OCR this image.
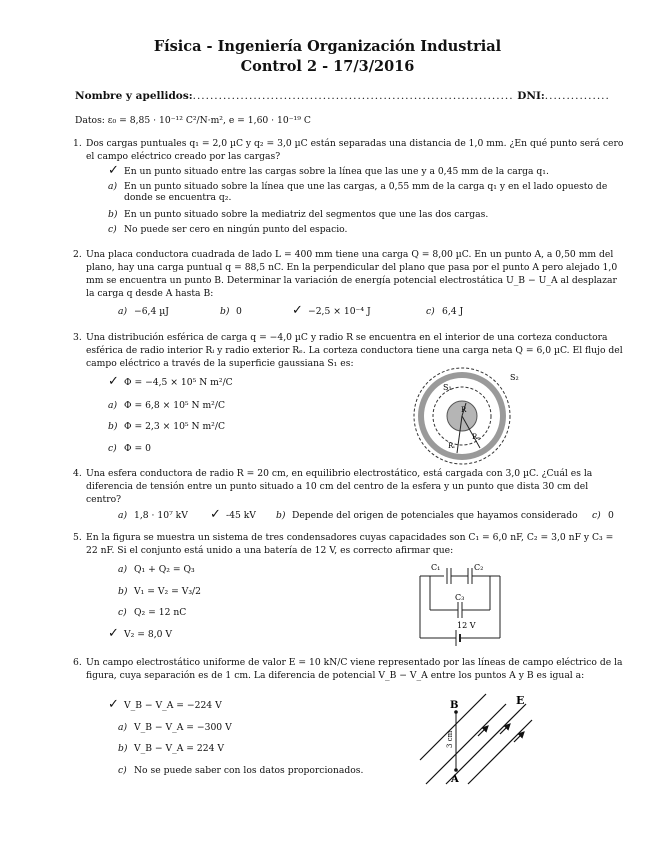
Física - Ingeniería Organización Industrial
Control 2 - 17/3/2016
Nombre y apellidos:.......................................................................... DNI:...............
Datos: ε₀ = 8,85 · 10⁻¹² C²/N·m², e = 1,60 · 10⁻¹⁹ C
1. Dos cargas puntuales q₁ = 2,0 µC y q₂ = 3,0 µC están separadas una distancia de 1,0 mm. ¿En qué punto será cero el campo eléctrico creado por las cargas?
✓ En un punto situado entre las cargas sobre la línea que las une y a 0,45 mm de la carga q₁.
a) En un punto situado sobre la línea que une las cargas, a 0,55 mm de la carga q₁ y en el lado opuesto de donde se encuentra q₂.
b) En un punto situado sobre la mediatriz del segmentos que une las dos cargas.
c) No puede ser cero en ningún punto del espacio.
2. Una placa conductora cuadrada de lado L = 400 mm tiene una carga Q = 8,00 µC. En un punto A, a 0,50 mm del plano, hay una carga puntual q = 88,5 nC. En la perpendicular del plano que pasa por el punto A pero alejado 1,0 mm se encuentra un punto B. Determinar la variación de energía potencial electrostática U_B − U_A al desplazar la carga q desde A hasta B:
a) −6,4 µJ	b) 0	✓ −2,5 × 10⁻⁴ J	c) 6,4 J
3. Una distribución esférica de carga q = −4,0 µC y radio R se encuentra en el interior de una corteza conductora esférica de radio interior Rᵢ y radio exterior Rₑ. La corteza conductora tiene una carga neta Q = 6,0 µC. El flujo del campo eléctrico a través de la superficie gaussiana S₁ es:
✓ Φ = −4,5 × 10⁵ N m²/C
a) Φ = 6,8 × 10⁵ N m²/C
b) Φ = 2,3 × 10⁵ N m²/C
c) Φ = 0
S₁
S₂
R
Rᵢ
Rₑ
4. Una esfera conductora de radio R = 20 cm, en equilibrio electrostático, está cargada con 3,0 µC. ¿Cuál es la diferencia de tensión entre un punto situado a 10 cm del centro de la esfera y un punto que dista 30 cm del centro?
a) 1,8 · 10⁷ kV ✓ -45 kV b) Depende del origen de potenciales que hayamos considerado c) 0
5. En la figura se muestra un sistema de tres condensadores cuyas capacidades son C₁ = 6,0 nF, C₂ = 3,0 nF y C₃ = 22 nF. Si el conjunto está unido a una batería de 12 V, es correcto afirmar que:
a) Q₁ + Q₂ = Q₃
b) V₁ = V₂ = V₃/2
c) Q₂ = 12 nC
✓ V₂ = 8,0 V
C₁	C₂
C₃
12 V
6. Un campo electrostático uniforme de valor E = 10 kN/C viene representado por las líneas de campo eléctrico de la figura, cuya separación es de 1 cm. La diferencia de potencial V_B − V_A entre los puntos A y B es igual a:
✓ V_B − V_A = −224 V
a) V_B − V_A = −300 V
b) V_B − V_A = 224 V
c) No se puede saber con los datos proporcionados.
B
A
E
3 cm
